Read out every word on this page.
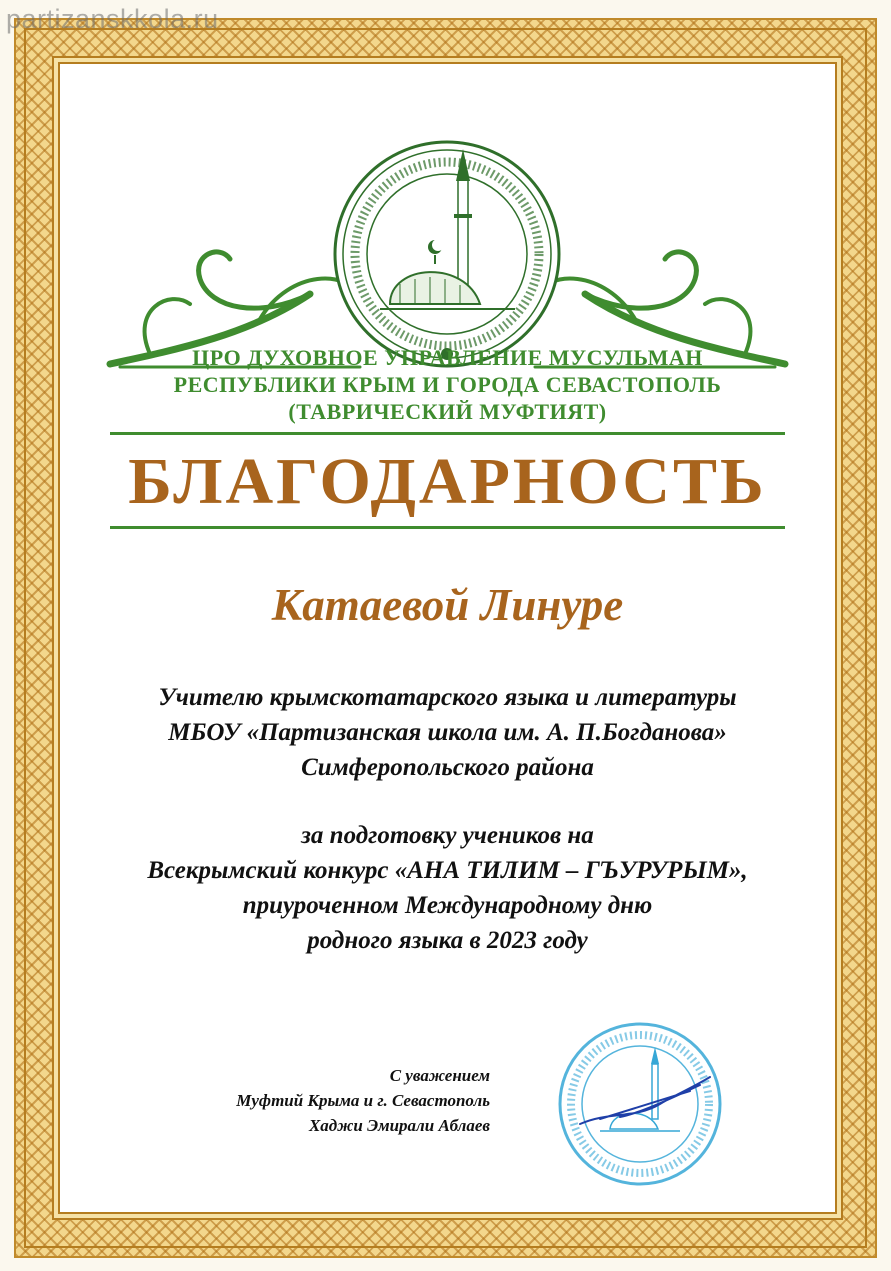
partizanskkola.ru
ЦРО ДУХОВНОЕ УПРАВЛЕНИЕ МУСУЛЬМАН
РЕСПУБЛИКИ КРЫМ И ГОРОДА СЕВАСТОПОЛЬ
(ТАВРИЧЕСКИЙ МУФТИЯТ)
БЛАГОДАРНОСТЬ
Катаевой Линуре
Учителю крымскотатарского языка и литературы
МБОУ «Партизанская школа им. А. П.Богданова»
Симферопольского района
за подготовку учеников на
Всекрымский конкурс «АНА ТИЛИМ – ГЪУРУРЫМ»,
приуроченном Международному дню
родного языка в 2023 году
С уважением
Муфтий Крыма и г. Севастополь
Хаджи Эмирали Аблаев
